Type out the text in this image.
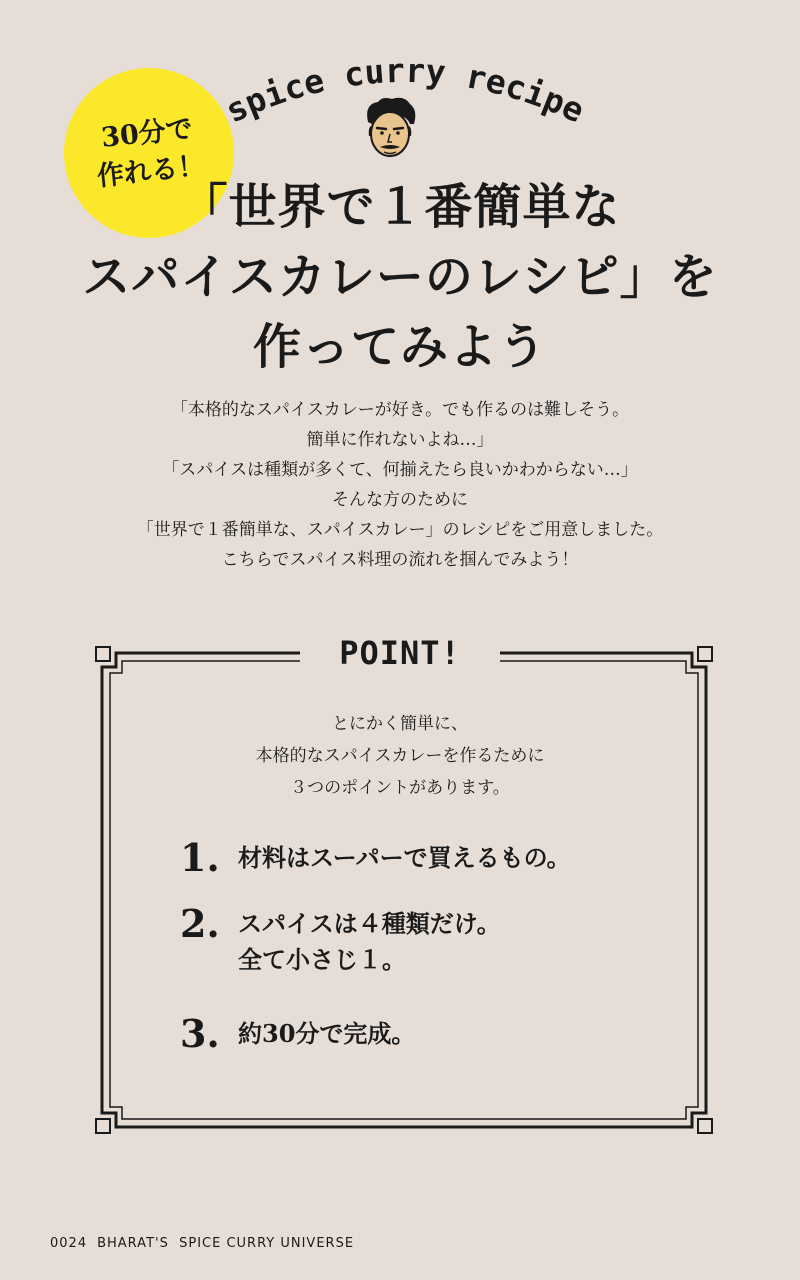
30分で
作れる！
spice curry recipe
「世界で１番簡単な
スパイスカレーのレシピ」を
作ってみよう
「本格的なスパイスカレーが好き。でも作るのは難しそう。
簡単に作れないよね…」
「スパイスは種類が多くて、何揃えたら良いかわからない…」
そんな方のために
「世界で１番簡単な、スパイスカレー」のレシピをご用意しました。
こちらでスパイス料理の流れを掴んでみよう！
POINT!
とにかく簡単に、
本格的なスパイスカレーを作るために
３つのポイントがあります。
1. 材料はスーパーで買えるもの。
2. スパイスは４種類だけ。
全て小さじ１。
3. 約30分で完成。
0024 BHARAT'S  SPICE CURRY UNIVERSE
